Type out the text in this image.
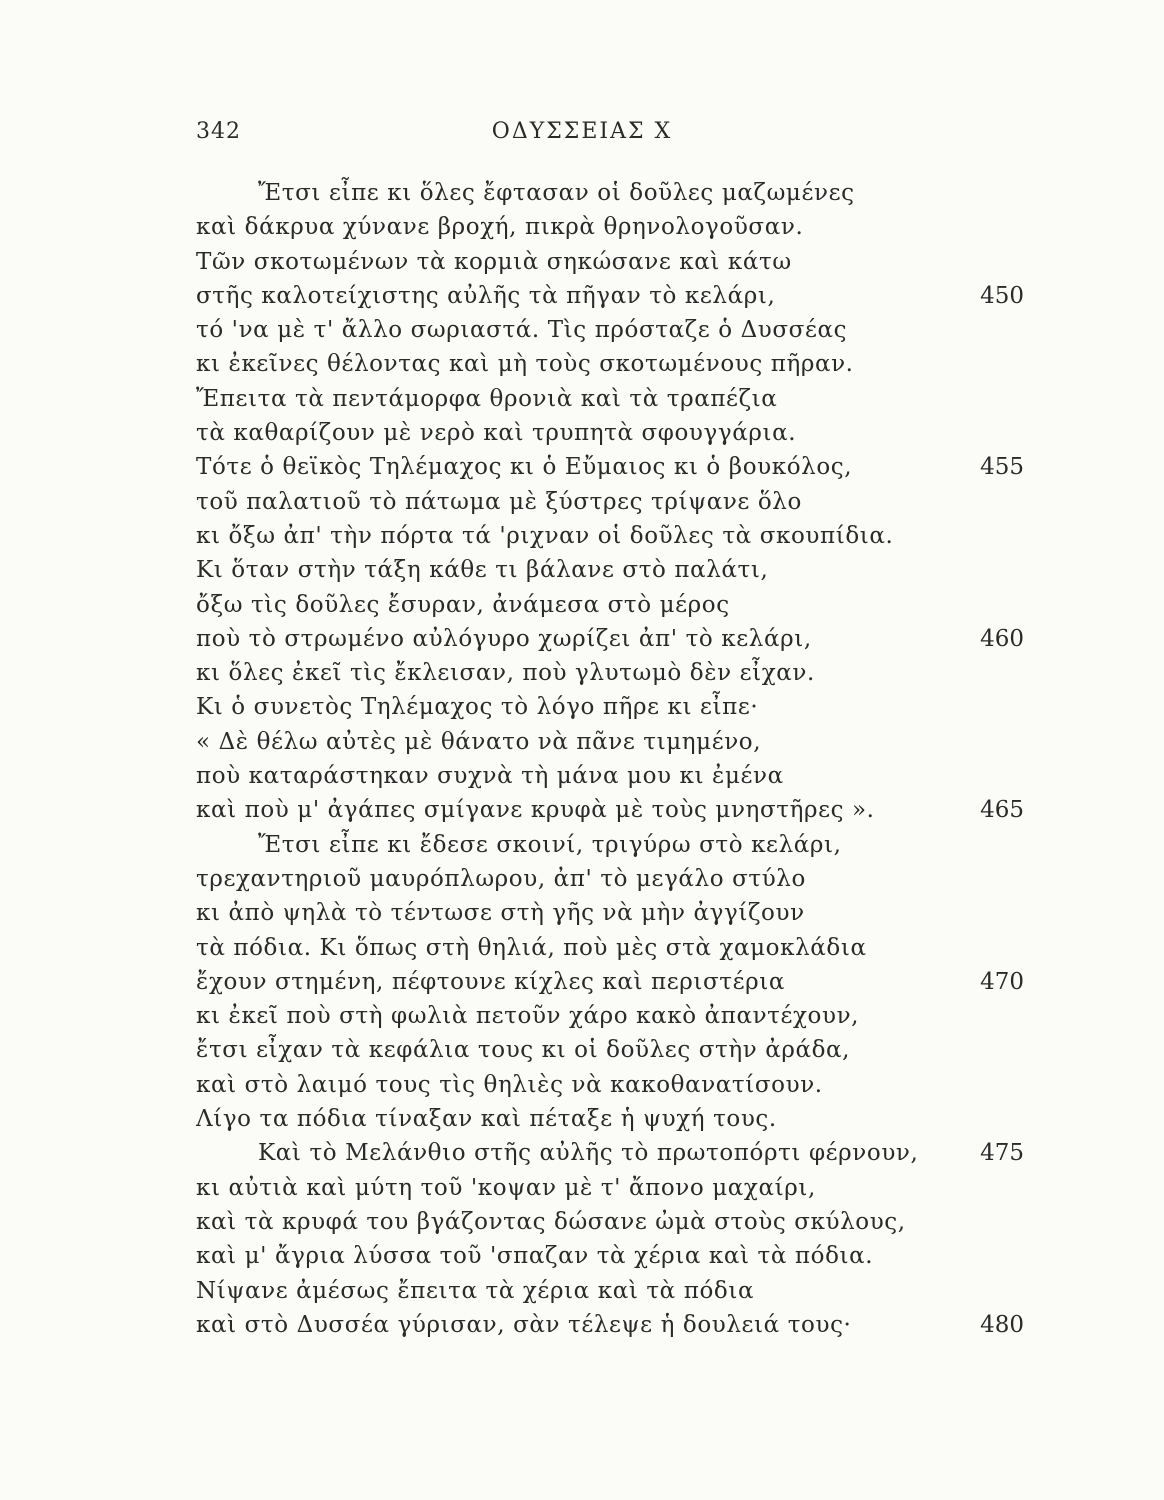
342	ΟΔΥΣΣΕΙΑΣ Χ
Ἔτσι εἶπε κι ὅλες ἔφτασαν οἱ δοῦλες μαζωμένες
καὶ δάκρυα χύνανε βροχή, πικρὰ θρηνολογοῦσαν.
Τῶν σκοτωμένων τὰ κορμιὰ σηκώσανε καὶ κάτω
στῆς καλοτείχιστης αὐλῆς τὰ πῆγαν τὸ κελάρι,	450
τό 'να μὲ τ' ἄλλο σωριαστά. Τὶς πρόσταζε ὁ Δυσσέας
κι ἐκεῖνες θέλοντας καὶ μὴ τοὺς σκοτωμένους πῆραν.
Ἔπειτα τὰ πεντάμορφα θρονιὰ καὶ τὰ τραπέζια
τὰ καθαρίζουν μὲ νερὸ καὶ τρυπητὰ σφουγγάρια.
Τότε ὁ θεϊκὸς Τηλέμαχος κι ὁ Εὔμαιος κι ὁ βουκόλος,	455
τοῦ παλατιοῦ τὸ πάτωμα μὲ ξύστρες τρίψανε ὅλο
κι ὄξω ἀπ' τὴν πόρτα τά 'ριχναν οἱ δοῦλες τὰ σκουπίδια.
Κι ὅταν στὴν τάξη κάθε τι βάλανε στὸ παλάτι,
ὄξω τὶς δοῦλες ἔσυραν, ἀνάμεσα στὸ μέρος
ποὺ τὸ στρωμένο αὐλόγυρο χωρίζει ἀπ' τὸ κελάρι,	460
κι ὅλες ἐκεῖ τὶς ἔκλεισαν, ποὺ γλυτωμὸ δὲν εἶχαν.
Κι ὁ συνετὸς Τηλέμαχος τὸ λόγο πῆρε κι εἶπε·
« Δὲ θέλω αὐτὲς μὲ θάνατο νὰ πᾶνε τιμημένο,
ποὺ καταράστηκαν συχνὰ τὴ μάνα μου κι ἐμένα
καὶ ποὺ μ' ἀγάπες σμίγανε κρυφὰ μὲ τοὺς μνηστῆρες ».	465
Ἔτσι εἶπε κι ἔδεσε σκοινί, τριγύρω στὸ κελάρι,
τρεχαντηριοῦ μαυρόπλωρου, ἀπ' τὸ μεγάλο στύλο
κι ἀπὸ ψηλὰ τὸ τέντωσε στὴ γῆς νὰ μὴν ἀγγίζουν
τὰ πόδια. Κι ὅπως στὴ θηλιά, ποὺ μὲς στὰ χαμοκλάδια
ἔχουν στημένη, πέφτουνε κίχλες καὶ περιστέρια	470
κι ἐκεῖ ποὺ στὴ φωλιὰ πετοῦν χάρο κακὸ ἀπαντέχουν,
ἔτσι εἶχαν τὰ κεφάλια τους κι οἱ δοῦλες στὴν ἀράδα,
καὶ στὸ λαιμό τους τὶς θηλιὲς νὰ κακοθανατίσουν.
Λίγο τα πόδια τίναξαν καὶ πέταξε ἡ ψυχή τους.
Καὶ τὸ Μελάνθιο στῆς αὐλῆς τὸ πρωτοπόρτι φέρνουν,	475
κι αὐτιὰ καὶ μύτη τοῦ 'κοψαν μὲ τ' ἄπονο μαχαίρι,
καὶ τὰ κρυφά του βγάζοντας δώσανε ὠμὰ στοὺς σκύλους,
καὶ μ' ἄγρια λύσσα τοῦ 'σπαζαν τὰ χέρια καὶ τὰ πόδια.
Νίψανε ἀμέσως ἔπειτα τὰ χέρια καὶ τὰ πόδια
καὶ στὸ Δυσσέα γύρισαν, σὰν τέλεψε ἡ δουλειά τους·	480
